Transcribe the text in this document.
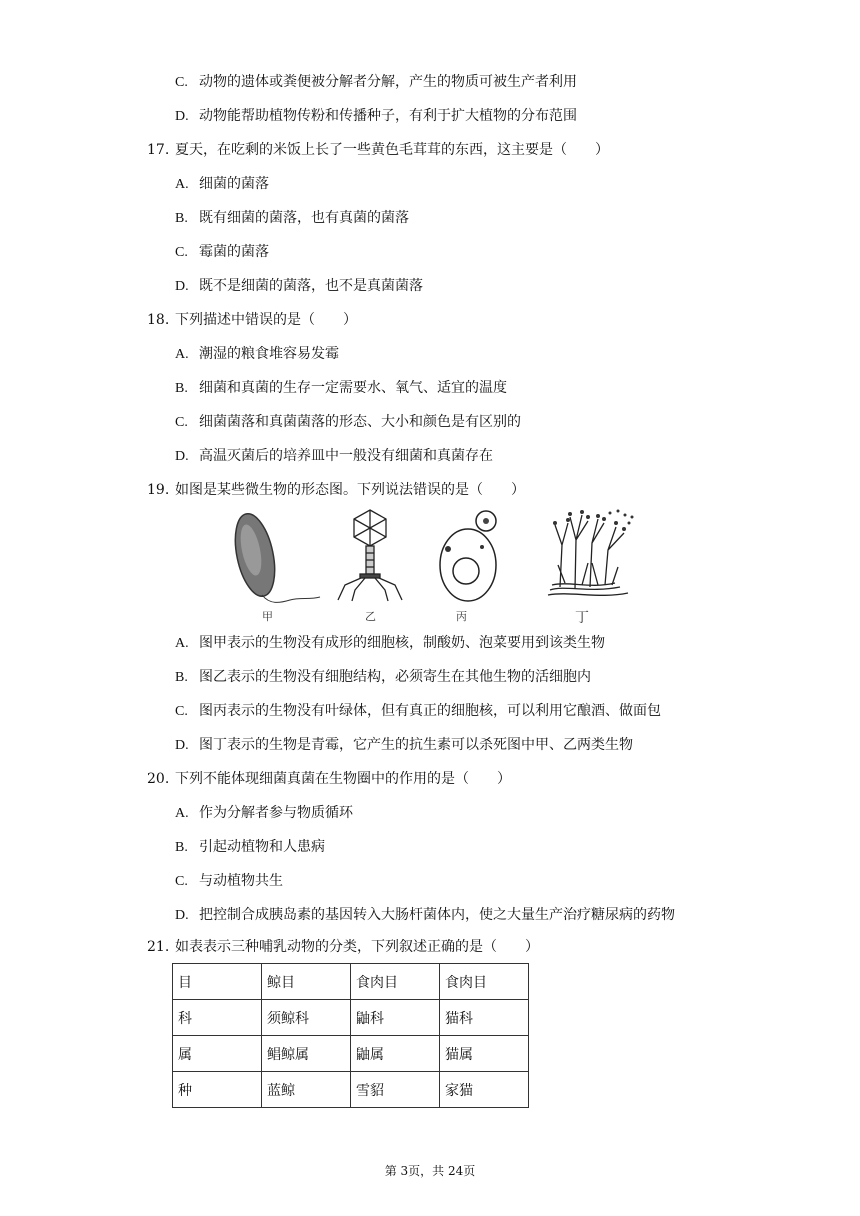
C. 动物的遗体或粪便被分解者分解，产生的物质可被生产者利用
D. 动物能帮助植物传粉和传播种子，有利于扩大植物的分布范围
17. 夏天，在吃剩的米饭上长了一些黄色毛茸茸的东西，这主要是（　　）
A. 细菌的菌落
B. 既有细菌的菌落，也有真菌的菌落
C. 霉菌的菌落
D. 既不是细菌的菌落，也不是真菌菌落
18. 下列描述中错误的是（　　）
A. 潮湿的粮食堆容易发霉
B. 细菌和真菌的生存一定需要水、氧气、适宜的温度
C. 细菌菌落和真菌菌落的形态、大小和颜色是有区别的
D. 高温灭菌后的培养皿中一般没有细菌和真菌存在
19. 如图是某些微生物的形态图。下列说法错误的是（　　）
甲	乙	丙	丁
A. 图甲表示的生物没有成形的细胞核，制酸奶、泡菜要用到该类生物
B. 图乙表示的生物没有细胞结构，必须寄生在其他生物的活细胞内
C. 图丙表示的生物没有叶绿体，但有真正的细胞核，可以利用它酿酒、做面包
D. 图丁表示的生物是青霉，它产生的抗生素可以杀死图中甲、乙两类生物
20. 下列不能体现细菌真菌在生物圈中的作用的是（　　）
A. 作为分解者参与物质循环
B. 引起动植物和人患病
C. 与动植物共生
D. 把控制合成胰岛素的基因转入大肠杆菌体内，使之大量生产治疗糖尿病的药物
21. 如表表示三种哺乳动物的分类，下列叙述正确的是（　　）
目	鲸目	食肉目	食肉目
科	须鲸科	鼬科	猫科
属	鲳鲸属	鼬属	猫属
种	蓝鲸	雪貂	家猫
第 3页，共 24页
